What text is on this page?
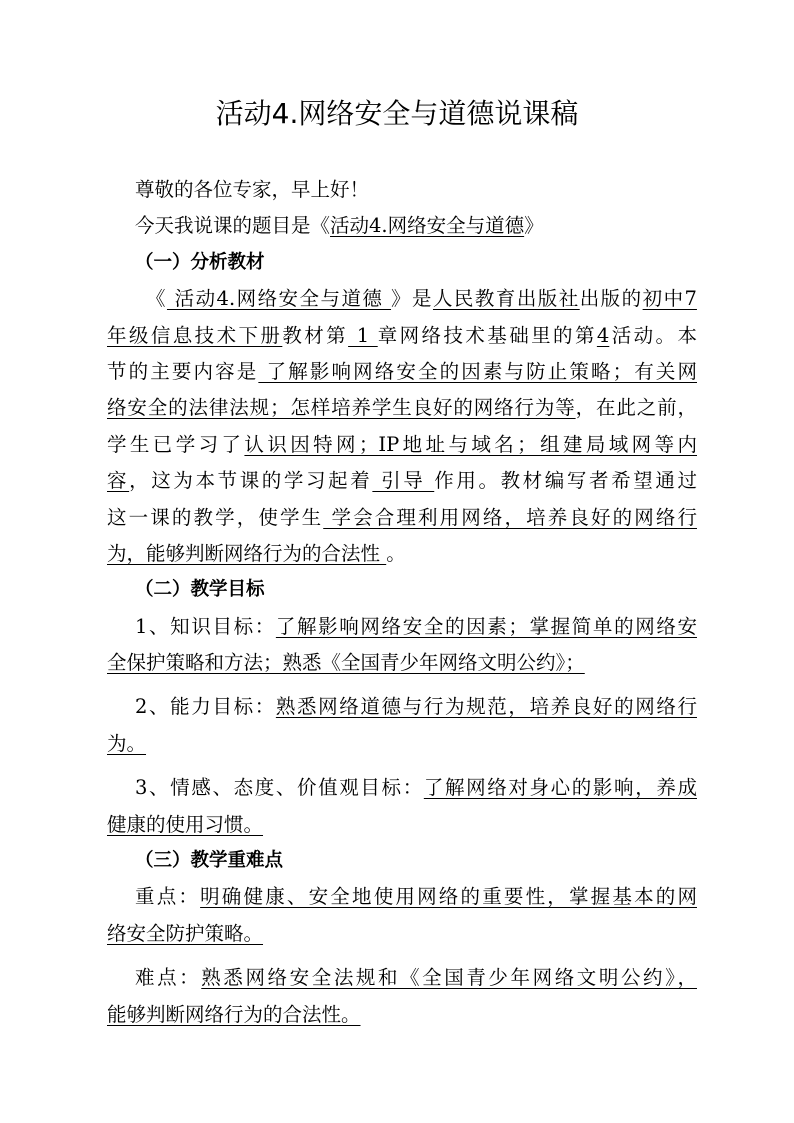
活动4.网络安全与道德说课稿
尊敬的各位专家，早上好！
今天我说课的题目是《活动4.网络安全与道德》
（一）分析教材
《 活动4.网络安全与道德 》是人民教育出版社出版的初中7
年级信息技术下册教材第 1 章网络技术基础里的第4活动。本
节的主要内容是 了解影响网络安全的因素与防止策略；有关网
络安全的法律法规；怎样培养学生良好的网络行为等，在此之前，
学生已学习了认识因特网；IP地址与域名；组建局域网等内
容，这为本节课的学习起着 引导 作用。教材编写者希望通过
这一课的教学，使学生 学会合理利用网络，培养良好的网络行
为，能够判断网络行为的合法性 。
（二）教学目标
1、知识目标：了解影响网络安全的因素；掌握简单的网络安
全保护策略和方法；熟悉《全国青少年网络文明公约》；
2、能力目标：熟悉网络道德与行为规范，培养良好的网络行
为。
3、情感、态度、价值观目标：了解网络对身心的影响，养成
健康的使用习惯。
（三）教学重难点
重点：明确健康、安全地使用网络的重要性，掌握基本的网
络安全防护策略。
难点：熟悉网络安全法规和《全国青少年网络文明公约》，
能够判断网络行为的合法性。
